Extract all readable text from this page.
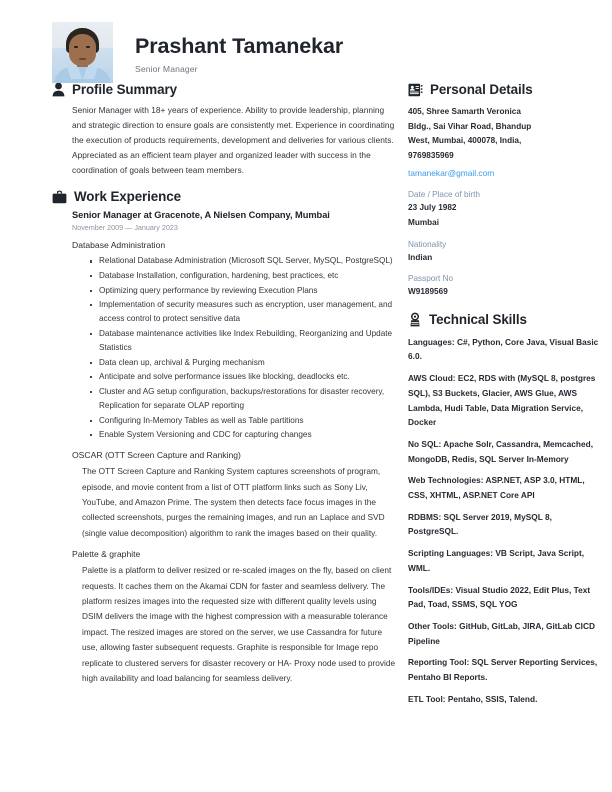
Prashant Tamanekar
Senior Manager
Profile Summary
Senior Manager with 18+ years of experience. Ability to provide leadership, planning and strategic direction to ensure goals are consistently met. Experience in coordinating the execution of products requirements, development and deliveries for various clients. Appreciated as an efficient team player and organized leader with success in the coordination of goals between team members.
Work Experience
Senior Manager at Gracenote, A Nielsen Company, Mumbai
November 2009 — January 2023
Database Administration
Relational Database Administration (Microsoft SQL Server, MySQL, PostgreSQL)
Database Installation, configuration, hardening, best practices, etc
Optimizing query performance by reviewing Execution Plans
Implementation of security measures such as encryption, user management, and access control to protect sensitive data
Database maintenance activities like Index Rebuilding, Reorganizing and Update Statistics
Data clean up, archival & Purging mechanism
Anticipate and solve performance issues like blocking, deadlocks etc.
Cluster and AG setup configuration, backups/restorations for disaster recovery, Replication for separate OLAP reporting
Configuring In-Memory Tables as well as Table partitions
Enable System Versioning and CDC for capturing changes
OSCAR (OTT Screen Capture and Ranking)
The OTT Screen Capture and Ranking System captures screenshots of program, episode, and movie content from a list of OTT platform links such as Sony Liv, YouTube, and Amazon Prime. The system then detects face focus images in the collected screenshots, purges the remaining images, and run an Laplace and SVD (single value decomposition) algorithm to rank the images based on their quality.
Palette & graphite
Palette is a platform to deliver resized or re-scaled images on the fly, based on client requests. It caches them on the Akamai CDN for faster and seamless delivery. The platform resizes images into the requested size with different quality levels using DSIM delivers the image with the highest compression with a measurable tolerance impact. The resized images are stored on the server, we use Cassandra for future use, allowing faster subsequent requests. Graphite is responsible for Image repo replicate to clustered servers for disaster recovery or HA- Proxy node used to provide high availability and load balancing for seamless delivery.
Personal Details
405, Shree Samarth Veronica
Bldg., Sai Vihar Road, Bhandup
West, Mumbai, 400078, India,
9769835969
tamanekar@gmail.com
Date / Place of birth
23 July 1982
Mumbai
Nationality
Indian
Passport No
W9189569
Technical Skills
Languages: C#, Python, Core Java, Visual Basic 6.0.
AWS Cloud: EC2, RDS with (MySQL 8, postgres SQL), S3 Buckets, Glacier, AWS Glue, AWS Lambda, Hudi Table, Data Migration Service, Docker
No SQL: Apache Solr, Cassandra, Memcached, MongoDB, Redis, SQL Server In-Memory
Web Technologies: ASP.NET, ASP 3.0, HTML, CSS, XHTML, ASP.NET Core API
RDBMS: SQL Server 2019, MySQL 8, PostgreSQL.
Scripting Languages: VB Script, Java Script, WML.
Tools/IDEs: Visual Studio 2022, Edit Plus, Text Pad, Toad, SSMS, SQL YOG
Other Tools: GitHub, GitLab, JIRA, GitLab CICD Pipeline
Reporting Tool: SQL Server Reporting Services, Pentaho BI Reports.
ETL Tool: Pentaho, SSIS, Talend.
